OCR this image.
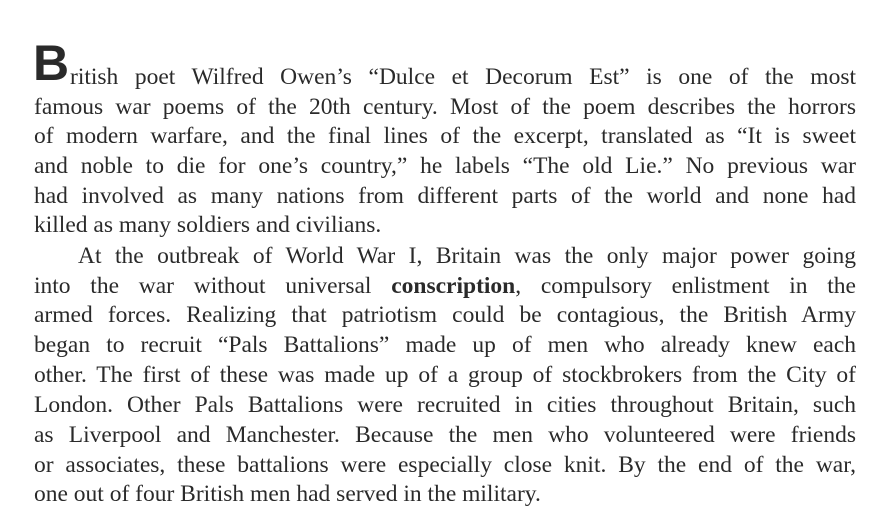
B ritish poet Wilfred Owen’s “Dulce et Decorum Est” is one of the most
famous war poems of the 20th century. Most of the poem describes the horrors
of modern warfare, and the final lines of the excerpt, translated as “It is sweet
and noble to die for one’s country,” he labels “The old Lie.” No previous war
had involved as many nations from different parts of the world and none had
killed as many soldiers and civilians.
At the outbreak of World War I, Britain was the only major power going
into the war without universal conscription, compulsory enlistment in the
armed forces. Realizing that patriotism could be contagious, the British Army
began to recruit “Pals Battalions” made up of men who already knew each
other. The first of these was made up of a group of stockbrokers from the City of
London. Other Pals Battalions were recruited in cities throughout Britain, such
as Liverpool and Manchester. Because the men who volunteered were friends
or associates, these battalions were especially close knit. By the end of the war,
one out of four British men had served in the military.
